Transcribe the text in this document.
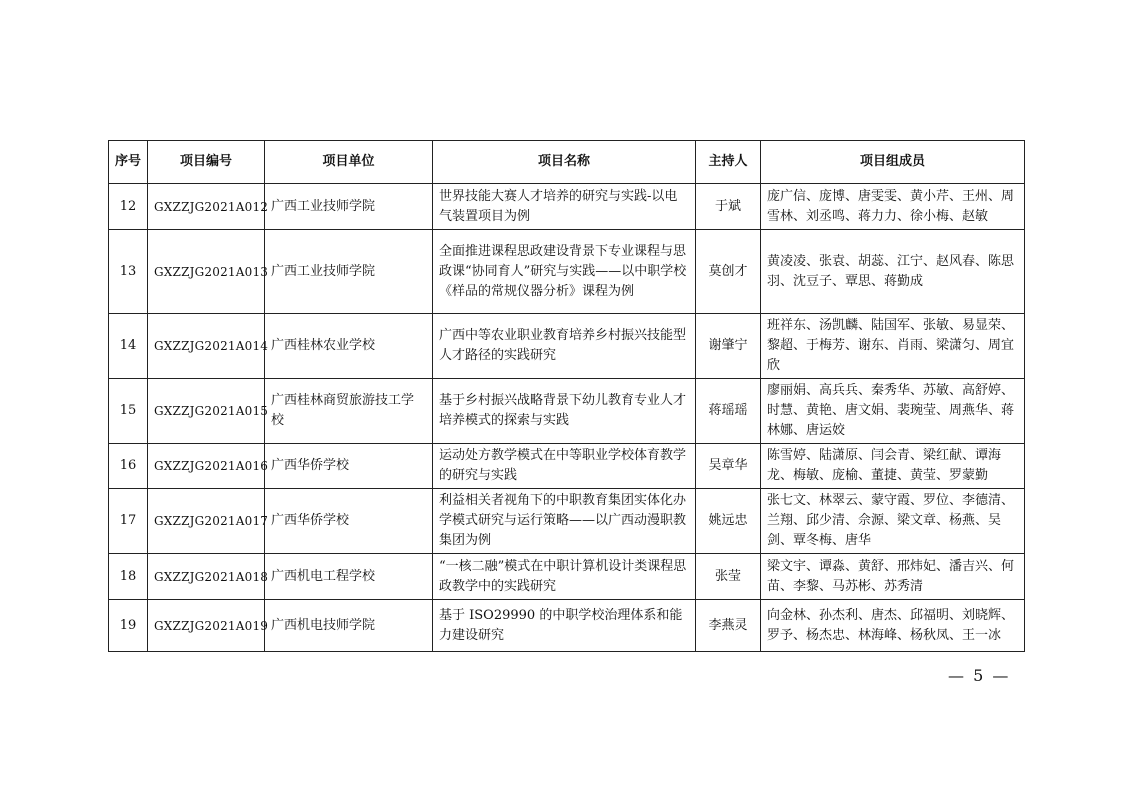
序号	项目编号	项目单位	项目名称	主持人	项目组成员
12	GXZZJG2021A012	广西工业技师学院	世界技能大赛人才培养的研究与实践-以电气装置项目为例	于斌	庞广信、庞博、唐雯雯、黄小芹、王州、周雪林、刘丞鸣、蒋力力、徐小梅、赵敏
13	GXZZJG2021A013	广西工业技师学院	全面推进课程思政建设背景下专业课程与思政课“协同育人”研究与实践——以中职学校《样品的常规仪器分析》课程为例	莫创才	黄凌凌、张袁、胡蕊、江宁、赵风春、陈思羽、沈豆子、覃思、蒋勤成
14	GXZZJG2021A014	广西桂林农业学校	广西中等农业职业教育培养乡村振兴技能型人才路径的实践研究	谢肇宁	班祥东、汤凯麟、陆国军、张敏、易显荣、黎超、于梅芳、谢东、肖雨、梁潇匀、周宜欣
15	GXZZJG2021A015	广西桂林商贸旅游技工学校	基于乡村振兴战略背景下幼儿教育专业人才培养模式的探索与实践	蒋瑶瑶	廖丽娟、高兵兵、秦秀华、苏敏、高舒婷、时慧、黄艳、唐文娟、裴琬莹、周燕华、蒋林娜、唐运姣
16	GXZZJG2021A016	广西华侨学校	运动处方教学模式在中等职业学校体育教学的研究与实践	吴章华	陈雪婷、陆潇原、闫会青、梁红献、谭海龙、梅敏、庞榆、董捷、黄莹、罗蒙勤
17	GXZZJG2021A017	广西华侨学校	利益相关者视角下的中职教育集团实体化办学模式研究与运行策略——以广西动漫职教集团为例	姚远忠	张七文、林翠云、蒙守霞、罗位、李德清、兰翔、邱少清、佘源、梁文章、杨燕、吴剑、覃冬梅、唐华
18	GXZZJG2021A018	广西机电工程学校	“一核二融”模式在中职计算机设计类课程思政教学中的实践研究	张莹	梁文宇、谭淼、黄舒、邢炜妃、潘吉兴、何苗、李黎、马苏彬、苏秀清
19	GXZZJG2021A019	广西机电技师学院	基于 ISO29990 的中职学校治理体系和能力建设研究	李燕灵	向金林、孙杰利、唐杰、邱福明、刘晓辉、罗予、杨杰忠、林海峰、杨秋凤、王一冰
— 5 —
